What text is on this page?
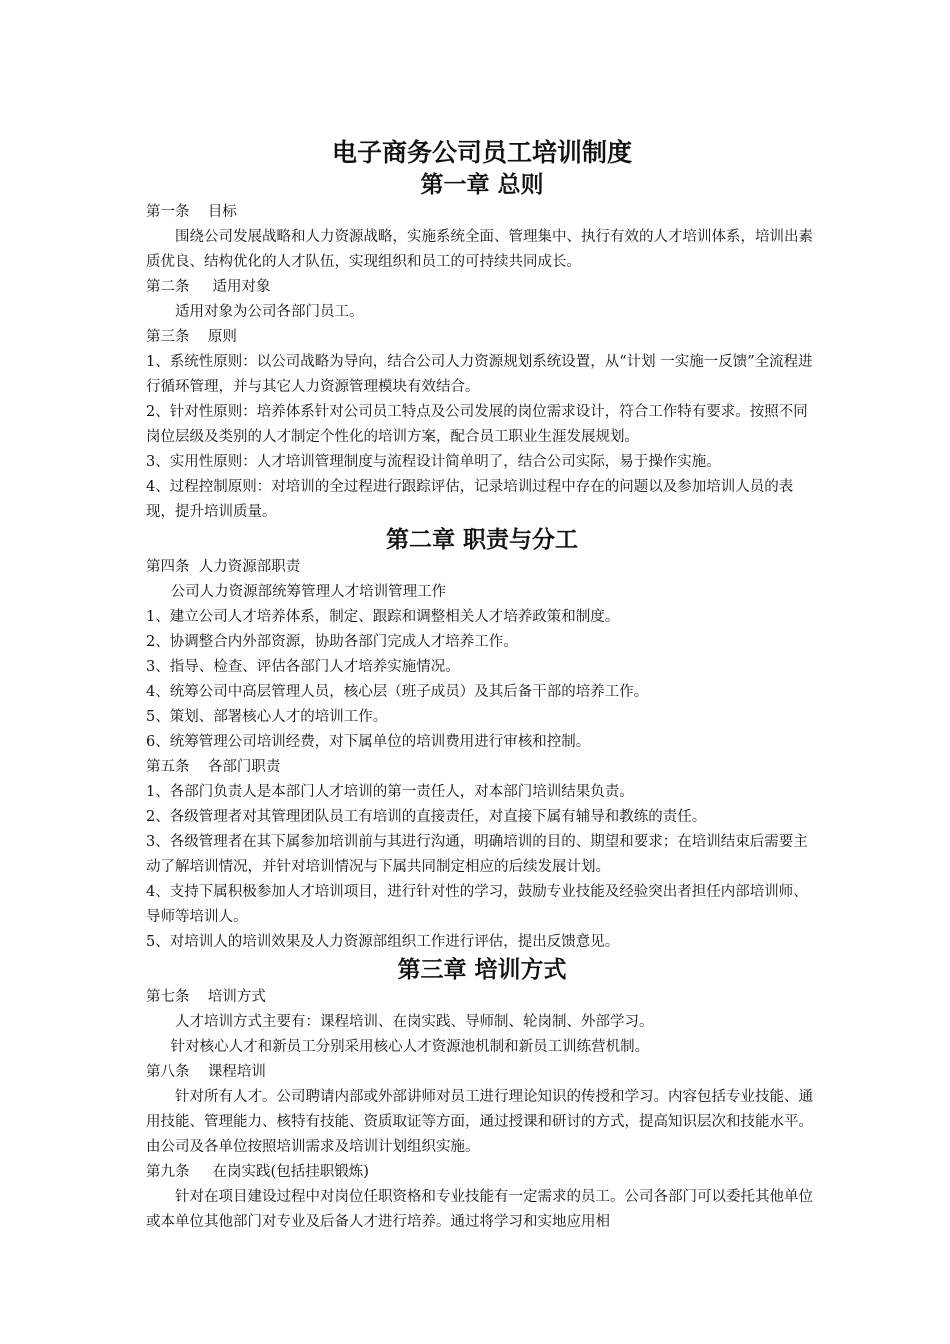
电子商务公司员工培训制度
第一章 总则

第一条    目标

围绕公司发展战略和人力资源战略，实施系统全面、管理集中、执行有效的人才培训体系，培训出素质优良、结构优化的人才队伍，实现组织和员工的可持续共同成长。

第二条     适用对象

适用对象为公司各部门员工。

第三条    原则

1、系统性原则：以公司战略为导向，结合公司人力资源规划系统设置，从“计划 一实施一反馈”全流程进行循环管理，并与其它人力资源管理模块有效结合。

2、针对性原则：培养体系针对公司员工特点及公司发展的岗位需求设计，符合工作特有要求。按照不同岗位层级及类别的人才制定个性化的培训方案，配合员工职业生涯发展规划。

3、实用性原则：人才培训管理制度与流程设计简单明了，结合公司实际，易于操作实施。

4、过程控制原则：对培训的全过程进行跟踪评估，记录培训过程中存在的问题以及参加培训人员的表现，提升培训质量。

第二章 职责与分工

第四条  人力资源部职责

公司人力资源部统筹管理人才培训管理工作

1、建立公司人才培养体系，制定、跟踪和调整相关人才培养政策和制度。

2、协调整合内外部资源，协助各部门完成人才培养工作。

3、指导、检查、评估各部门人才培养实施情况。

4、统筹公司中高层管理人员，核心层（班子成员）及其后备干部的培养工作。

5、策划、部署核心人才的培训工作。

6、统筹管理公司培训经费，对下属单位的培训费用进行审核和控制。

第五条    各部门职责

1、各部门负责人是本部门人才培训的第一责任人，对本部门培训结果负责。

2、各级管理者对其管理团队员工有培训的直接责任，对直接下属有辅导和教练的责任。

3、各级管理者在其下属参加培训前与其进行沟通，明确培训的目的、期望和要求；在培训结束后需要主动了解培训情况，并针对培训情况与下属共同制定相应的后续发展计划。

4、支持下属积极参加人才培训项目，进行针对性的学习，鼓励专业技能及经验突出者担任内部培训师、导师等培训人。

5、对培训人的培训效果及人力资源部组织工作进行评估，提出反馈意见。

第三章 培训方式

第七条    培训方式

人才培训方式主要有：课程培训、在岗实践、导师制、轮岗制、外部学习。

针对核心人才和新员工分别采用核心人才资源池机制和新员工训练营机制。

第八条    课程培训

针对所有人才。公司聘请内部或外部讲师对员工进行理论知识的传授和学习。内容包括专业技能、通用技能、管理能力、核特有技能、资质取证等方面，通过授课和研讨的方式，提高知识层次和技能水平。由公司及各单位按照培训需求及培训计划组织实施。

第九条     在岗实践(包括挂职锻炼)

针对在项目建设过程中对岗位任职资格和专业技能有一定需求的员工。公司各部门可以委托其他单位或本单位其他部门对专业及后备人才进行培养。通过将学习和实地应用相
